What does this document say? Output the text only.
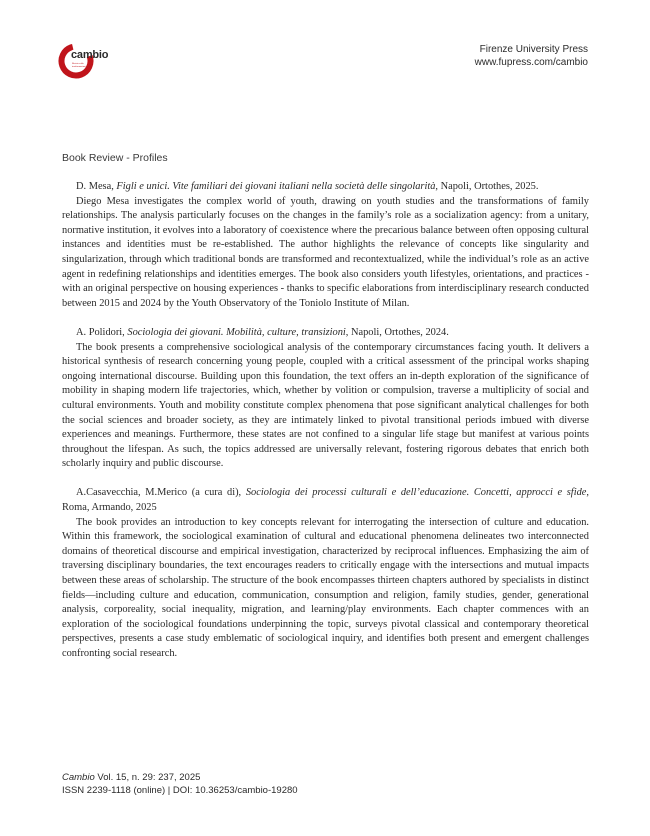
cambio
Rivista sulle trasformazioni sociali
Firenze University Press
www.fupress.com/cambio
Book Review - Profiles

D. Mesa, Figli e unici. Vite familiari dei giovani italiani nella società delle singolarità, Napoli, Ortothes, 2025.

Diego Mesa investigates the complex world of youth, drawing on youth studies and the transformations of family relationships. The analysis particularly focuses on the changes in the family’s role as a socialization agency: from a unitary, normative institution, it evolves into a laboratory of coexistence where the precarious balance between often opposing cultural instances and identities must be re-established. The author highlights the relevance of concepts like singularity and singularization, through which traditional bonds are transformed and recontextualized, while the individual’s role as an active agent in redefining relationships and identities emerges. The book also considers youth lifestyles, orientations, and practices - with an original perspective on housing experiences - thanks to specific elaborations from interdisciplinary research conducted between 2015 and 2024 by the Youth Observatory of the Toniolo Institute of Milan.

A. Polidori, Sociologia dei giovani. Mobilità, culture, transizioni, Napoli, Ortothes, 2024.

The book presents a comprehensive sociological analysis of the contemporary circumstances facing youth. It delivers a historical synthesis of research concerning young people, coupled with a critical assessment of the principal works shaping ongoing international discourse. Building upon this foundation, the text offers an in-depth exploration of the significance of mobility in shaping modern life trajectories, which, whether by volition or compulsion, traverse a multiplicity of social and cultural environments. Youth and mobility constitute complex phenomena that pose significant analytical challenges for both the social sciences and broader society, as they are intimately linked to pivotal transitional periods imbued with diverse experiences and meanings. Furthermore, these states are not confined to a singular life stage but manifest at various points throughout the lifespan. As such, the topics addressed are universally relevant, fostering rigorous debates that enrich both scholarly inquiry and public discourse.

A.Casavecchia, M.Merico (a cura di), Sociologia dei processi culturali e dell’educazione. Concetti, approcci e sfide, Roma, Armando, 2025

The book provides an introduction to key concepts relevant for interrogating the intersection of culture and education. Within this framework, the sociological examination of cultural and educational phenomena delineates two interconnected domains of theoretical discourse and empirical investigation, characterized by reciprocal influences. Emphasizing the aim of traversing disciplinary boundaries, the text encourages readers to critically engage with the intersections and mutual impacts between these areas of scholarship. The structure of the book encompasses thirteen chapters authored by specialists in distinct fields—including culture and education, communication, consumption and religion, family studies, gender, generational analysis, corporeality, social inequality, migration, and learning/play environments. Each chapter commences with an exploration of the sociological foundations underpinning the topic, surveys pivotal classical and contemporary theoretical perspectives, presents a case study emblematic of sociological inquiry, and identifies both present and emergent challenges confronting social research.

Cambio Vol. 15, n. 29: 237, 2025
ISSN 2239-1118 (online) | DOI: 10.36253/cambio-19280
